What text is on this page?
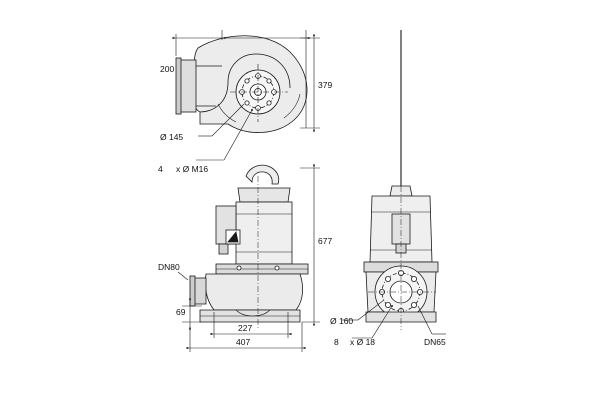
200
379
Ø 145
4 x Ø M16
677
DN80
69
227
407
Ø 160
8 x Ø 18	DN65
